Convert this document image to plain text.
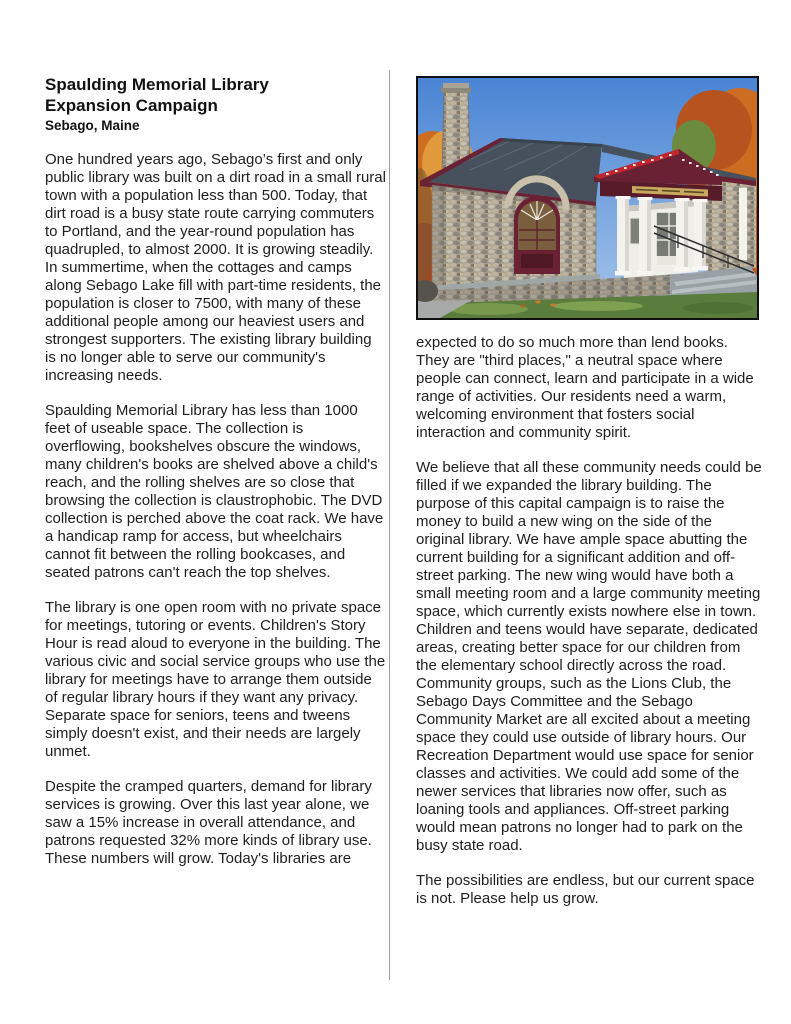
Spaulding Memorial Library
Expansion Campaign
Sebago, Maine

One hundred years ago, Sebago’s first and only public library was built on a dirt road in a small rural town with a population less than 500. Today, that dirt road is a busy state route carrying commuters to Portland, and the year-round population has quadrupled, to almost 2000. It is growing steadily. In summertime, when the cottages and camps along Sebago Lake fill with part-time residents, the population is closer to 7500, with many of these additional people among our heaviest users and strongest supporters. The existing library building is no longer able to serve our community's increasing needs.

Spaulding Memorial Library has less than 1000 feet of useable space. The collection is overflowing, bookshelves obscure the windows, many children's books are shelved above a child's reach, and the rolling shelves are so close that browsing the collection is claustrophobic. The DVD collection is perched above the coat rack. We have a handicap ramp for access, but wheelchairs cannot fit between the rolling bookcases, and seated patrons can't reach the top shelves.

The library is one open room with no private space for meetings, tutoring or events. Children's Story Hour is read aloud to everyone in the building. The various civic and social service groups who use the library for meetings have to arrange them outside of regular library hours if they want any privacy. Separate space for seniors, teens and tweens simply doesn't exist, and their needs are largely unmet.

Despite the cramped quarters, demand for library services is growing. Over this last year alone, we saw a 15% increase in overall attendance, and patrons requested 32% more kinds of library use. These numbers will grow. Today's libraries are

expected to do so much more than lend books. They are "third places," a neutral space where people can connect, learn and participate in a wide range of activities. Our residents need a warm, welcoming environment that fosters social interaction and community spirit.

We believe that all these community needs could be filled if we expanded the library building. The purpose of this capital campaign is to raise the money to build a new wing on the side of the original library. We have ample space abutting the current building for a significant addition and off-street parking. The new wing would have both a small meeting room and a large community meeting space, which currently exists nowhere else in town. Children and teens would have separate, dedicated areas, creating better space for our children from the elementary school directly across the road. Community groups, such as the Lions Club, the Sebago Days Committee and the Sebago Community Market are all excited about a meeting space they could use outside of library hours. Our Recreation Department would use space for senior classes and activities. We could add some of the newer services that libraries now offer, such as loaning tools and appliances. Off-street parking would mean patrons no longer had to park on the busy state road.

The possibilities are endless, but our current space is not. Please help us grow.
